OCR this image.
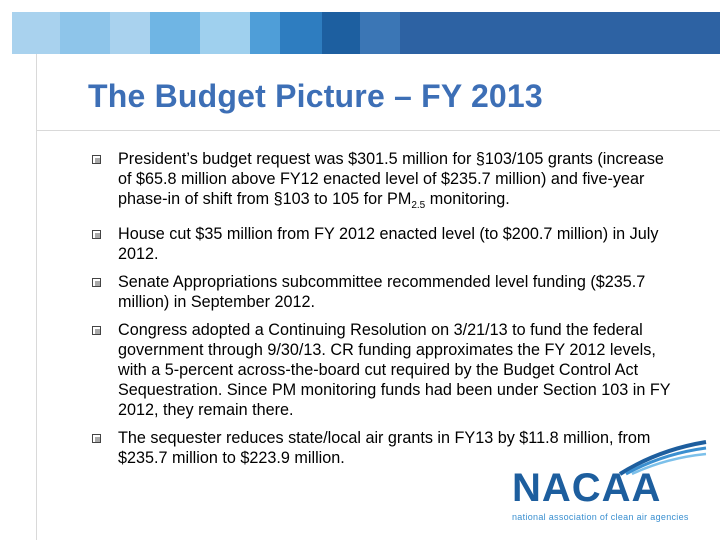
The Budget Picture – FY 2013
President’s budget request was $301.5 million for §103/105 grants (increase of $65.8 million above FY12 enacted level of $235.7 million) and five-year phase-in of shift from §103 to 105 for $PM_{2.5}$ monitoring.
House cut $35 million from FY 2012 enacted level (to $200.7 million) in July 2012.
Senate Appropriations subcommittee recommended level funding ($235.7 million) in September 2012.
Congress adopted a Continuing Resolution on 3/21/13 to fund the federal government through 9/30/13. CR funding approximates the FY 2012 levels, with a 5-percent across-the-board cut required by the Budget Control Act Sequestration. Since PM monitoring funds had been under Section 103 in FY 2012, they remain there.
The sequester reduces state/local air grants in FY13 by $11.8 million, from $235.7 million to $223.9 million.
NACAA
national association of clean air agencies
